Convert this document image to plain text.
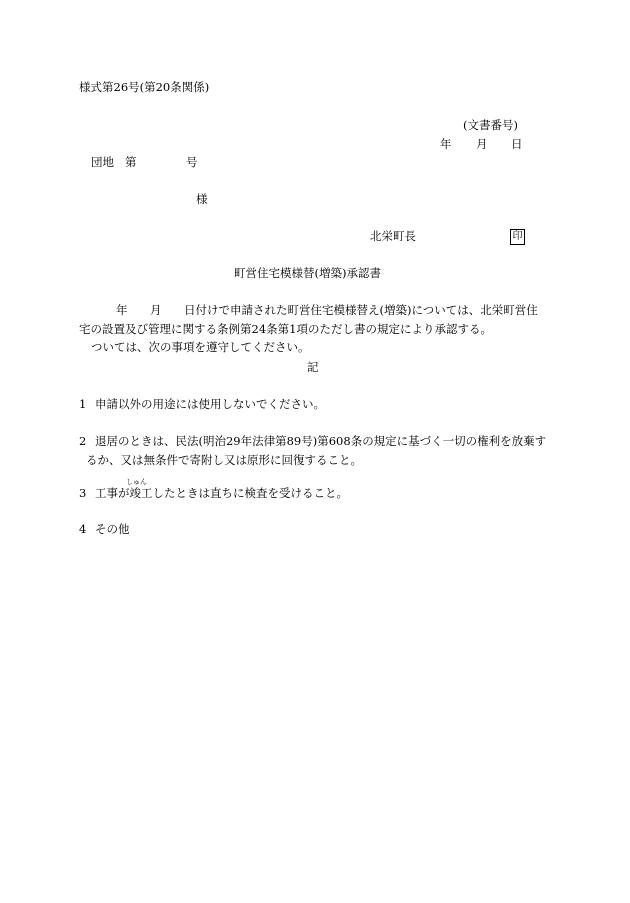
様式第26号(第20条関係)
(文書番号)
年 月 日
団地 第	号
様
北栄町長	印
町営住宅模様替(増築)承認書
年 月 日付けで申請された町営住宅模様替え(増築)については、北栄町営住
宅の設置及び管理に関する条例第24条第1項のただし書の規定により承認する。
ついては、次の事項を遵守してください。
記
1 申請以外の用途には使用しないでください。
2 退居のときは、民法(明治29年法律第89号)第608条の規定に基づく一切の権利を放棄す
るか、又は無条件で寄附し又は原形に回復すること。
しゅん
3 工事が竣工したときは直ちに検査を受けること。
4 その他
